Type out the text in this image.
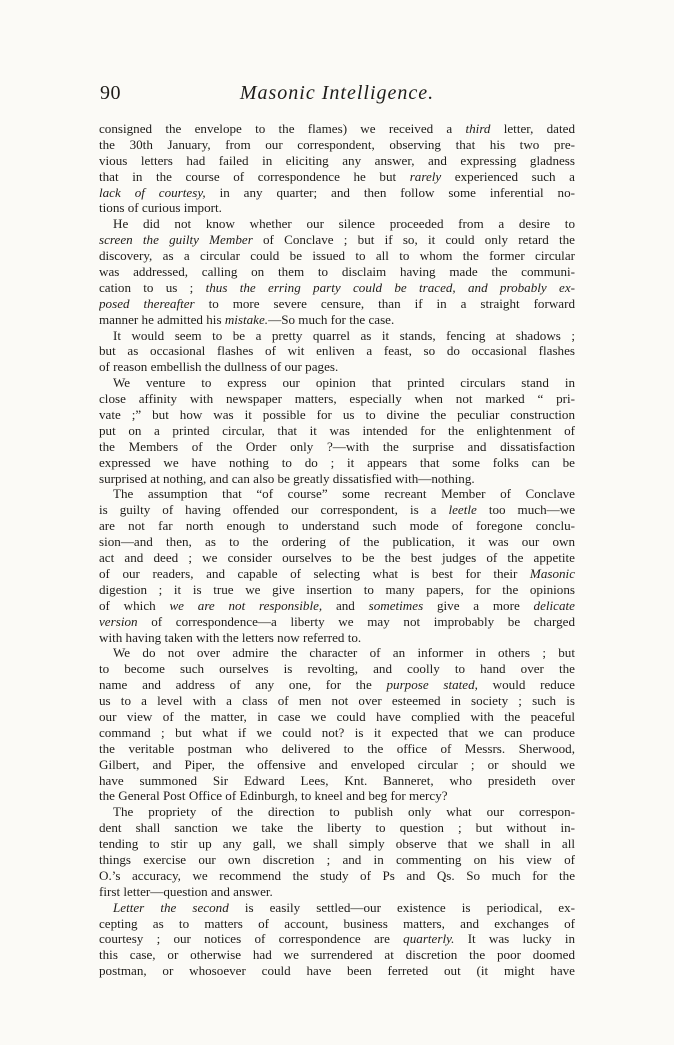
90	Masonic Intelligence.
consigned the envelope to the flames) we received a third letter, dated
the 30th January, from our correspondent, observing that his two pre-
vious letters had failed in eliciting any answer, and expressing gladness
that in the course of correspondence he but rarely experienced such a
lack of courtesy, in any quarter; and then follow some inferential no-
tions of curious import.
He did not know whether our silence proceeded from a desire to
screen the guilty Member of Conclave ; but if so, it could only retard the
discovery, as a circular could be issued to all to whom the former circular
was addressed, calling on them to disclaim having made the communi-
cation to us ; thus the erring party could be traced, and probably ex-
posed thereafter to more severe censure, than if in a straight forward
manner he admitted his mistake.—So much for the case.
It would seem to be a pretty quarrel as it stands, fencing at shadows ;
but as occasional flashes of wit enliven a feast, so do occasional flashes
of reason embellish the dullness of our pages.
We venture to express our opinion that printed circulars stand in
close affinity with newspaper matters, especially when not marked “ pri-
vate ;” but how was it possible for us to divine the peculiar construction
put on a printed circular, that it was intended for the enlightenment of
the Members of the Order only ?—with the surprise and dissatisfaction
expressed we have nothing to do ; it appears that some folks can be
surprised at nothing, and can also be greatly dissatisfied with—nothing.
The assumption that “of course” some recreant Member of Conclave
is guilty of having offended our correspondent, is a leetle too much—we
are not far north enough to understand such mode of foregone conclu-
sion—and then, as to the ordering of the publication, it was our own
act and deed ; we consider ourselves to be the best judges of the appetite
of our readers, and capable of selecting what is best for their Masonic
digestion ; it is true we give insertion to many papers, for the opinions
of which we are not responsible, and sometimes give a more delicate
version of correspondence—a liberty we may not improbably be charged
with having taken with the letters now referred to.
We do not over admire the character of an informer in others ; but
to become such ourselves is revolting, and coolly to hand over the
name and address of any one, for the purpose stated, would reduce
us to a level with a class of men not over esteemed in society ; such is
our view of the matter, in case we could have complied with the peaceful
command ; but what if we could not? is it expected that we can produce
the veritable postman who delivered to the office of Messrs. Sherwood,
Gilbert, and Piper, the offensive and enveloped circular ; or should we
have summoned Sir Edward Lees, Knt. Banneret, who presideth over
the General Post Office of Edinburgh, to kneel and beg for mercy?
The propriety of the direction to publish only what our correspon-
dent shall sanction we take the liberty to question ; but without in-
tending to stir up any gall, we shall simply observe that we shall in all
things exercise our own discretion ; and in commenting on his view of
O.’s accuracy, we recommend the study of Ps and Qs. So much for the
first letter—question and answer.
Letter the second is easily settled—our existence is periodical, ex-
cepting as to matters of account, business matters, and exchanges of
courtesy ; our notices of correspondence are quarterly. It was lucky in
this case, or otherwise had we surrendered at discretion the poor doomed
postman, or whosoever could have been ferreted out (it might have
